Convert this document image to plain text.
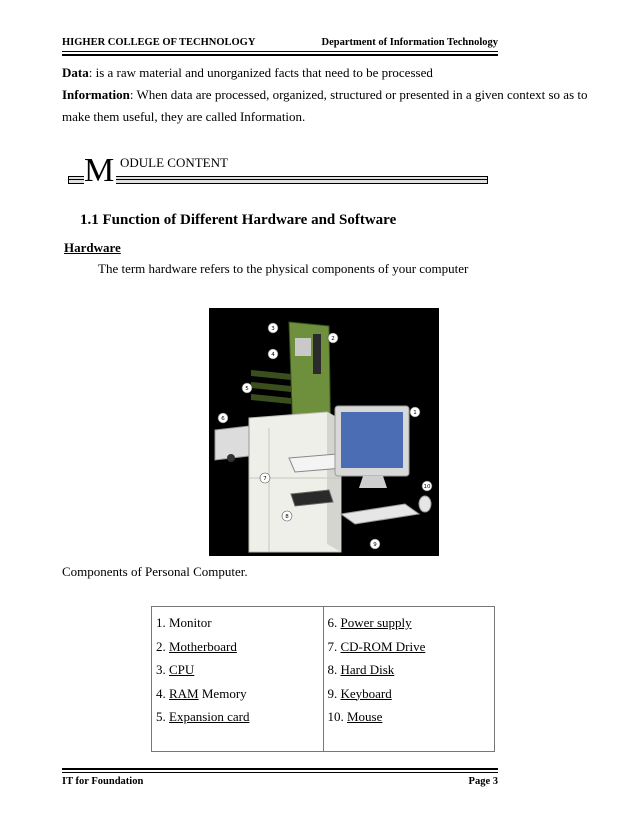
HIGHER COLLEGE OF TECHNOLOGY	Department of Information Technology
Data: is a raw material and unorganized facts that need to be processed
Information: When data are processed, organized, structured or presented in a given context so as to make them useful, they are called Information.
M ODULE CONTENT
1.1 Function of Different Hardware and Software
Hardware
The term hardware refers to the physical components of your computer
1
2
3
4
5
6
7
8
9
10
Components of Personal Computer.
1. Monitor
2. Motherboard
3. CPU
4. RAM Memory
5. Expansion card

6. Power supply
7. CD-ROM Drive
8. Hard Disk
9. Keyboard
10. Mouse
IT for Foundation	Page 3
